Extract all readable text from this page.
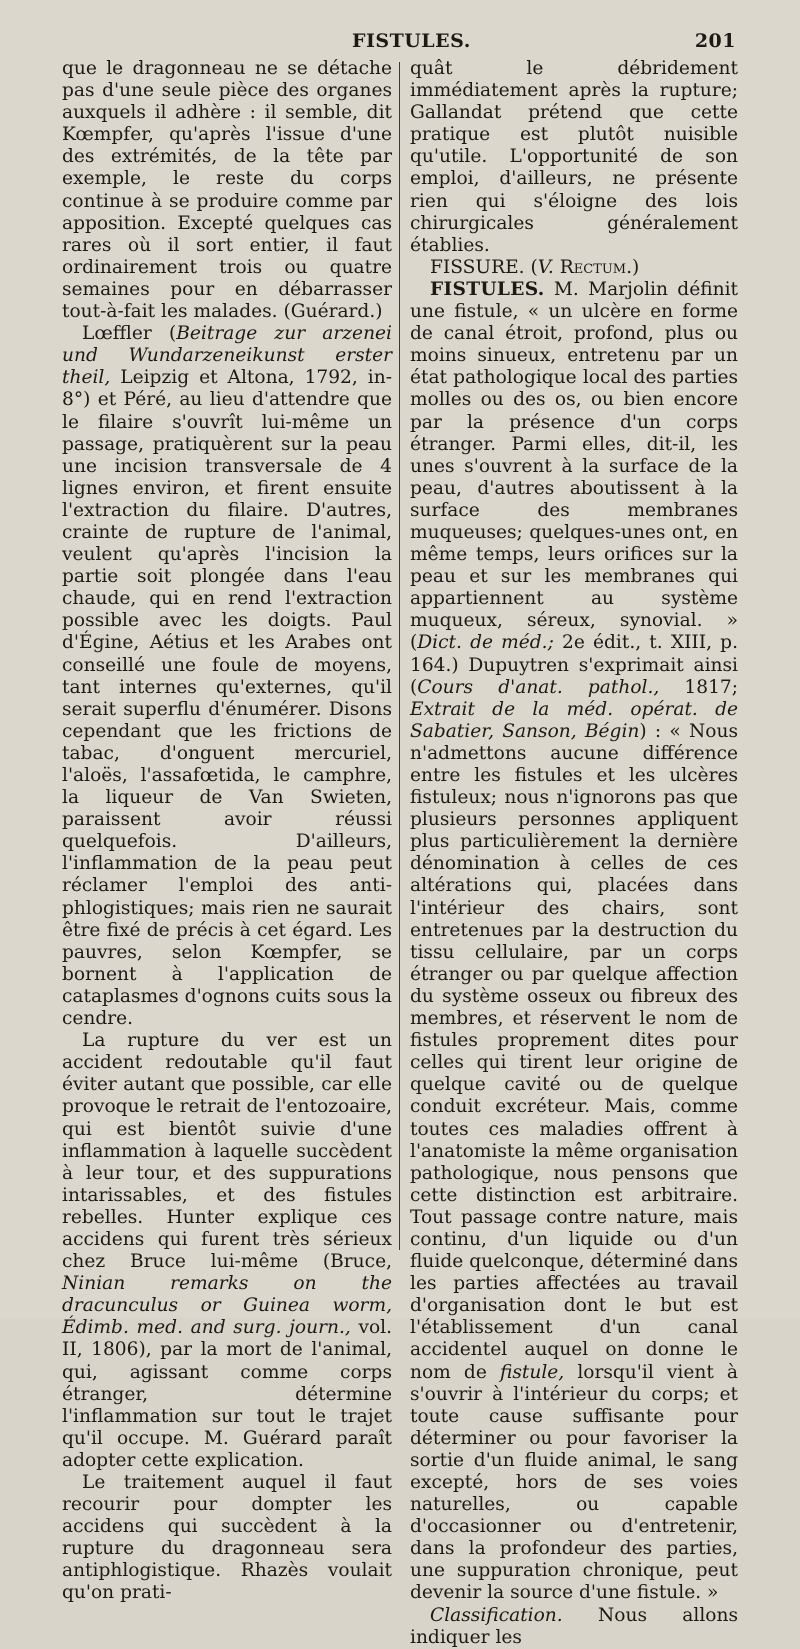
FISTULES.	201

que le dragonneau ne se détache pas d'une seule pièce des organes auxquels il adhère : il semble, dit Kœmpfer, qu'après l'issue d'une des extrémités, de la tête par exemple, le reste du corps continue à se produire comme par apposition. Excepté quelques cas rares où il sort entier, il faut ordinairement trois ou quatre semaines pour en débarrasser tout-à-fait les malades. (Guérard.)

Lœffler (Beitrage zur arzenei und Wundarzeneikunst erster theil, Leipzig et Altona, 1792, in-8°) et Péré, au lieu d'attendre que le filaire s'ouvrît lui-même un passage, pratiquèrent sur la peau une incision transversale de 4 lignes environ, et firent ensuite l'extraction du filaire. D'autres, crainte de rupture de l'animal, veulent qu'après l'incision la partie soit plongée dans l'eau chaude, qui en rend l'extraction possible avec les doigts. Paul d'Égine, Aétius et les Arabes ont conseillé une foule de moyens, tant internes qu'externes, qu'il serait superflu d'énumérer. Disons cependant que les frictions de tabac, d'onguent mercuriel, l'aloës, l'assafœtida, le camphre, la liqueur de Van Swieten, paraissent avoir réussi quelquefois. D'ailleurs, l'inflammation de la peau peut réclamer l'emploi des anti-phlogistiques; mais rien ne saurait être fixé de précis à cet égard. Les pauvres, selon Kœmpfer, se bornent à l'application de cataplasmes d'ognons cuits sous la cendre.

La rupture du ver est un accident redoutable qu'il faut éviter autant que possible, car elle provoque le retrait de l'entozoaire, qui est bientôt suivie d'une inflammation à laquelle succèdent à leur tour, et des suppurations intarissables, et des fistules rebelles. Hunter explique ces accidens qui furent très sérieux chez Bruce lui-même (Bruce, Ninian remarks on the dracunculus or Guinea worm, Édimb. med. and surg. journ., vol. II, 1806), par la mort de l'animal, qui, agissant comme corps étranger, détermine l'inflammation sur tout le trajet qu'il occupe. M. Guérard paraît adopter cette explication.

Le traitement auquel il faut recourir pour dompter les accidens qui succèdent à la rupture du dragonneau sera antiphlogistique. Rhazès voulait qu'on prati-

quât le débridement immédiatement après la rupture; Gallandat prétend que cette pratique est plutôt nuisible qu'utile. L'opportunité de son emploi, d'ailleurs, ne présente rien qui s'éloigne des lois chirurgicales généralement établies.

FISSURE. (V. Rectum.)

FISTULES. M. Marjolin définit une fistule, « un ulcère en forme de canal étroit, profond, plus ou moins sinueux, entretenu par un état pathologique local des parties molles ou des os, ou bien encore par la présence d'un corps étranger. Parmi elles, dit-il, les unes s'ouvrent à la surface de la peau, d'autres aboutissent à la surface des membranes muqueuses; quelques-unes ont, en même temps, leurs orifices sur la peau et sur les membranes qui appartiennent au système muqueux, séreux, synovial. » (Dict. de méd.; 2e édit., t. XIII, p. 164.) Dupuytren s'exprimait ainsi (Cours d'anat. pathol., 1817; Extrait de la méd. opérat. de Sabatier, Sanson, Bégin) : « Nous n'admettons aucune différence entre les fistules et les ulcères fistuleux; nous n'ignorons pas que plusieurs personnes appliquent plus particulièrement la dernière dénomination à celles de ces altérations qui, placées dans l'intérieur des chairs, sont entretenues par la destruction du tissu cellulaire, par un corps étranger ou par quelque affection du système osseux ou fibreux des membres, et réservent le nom de fistules proprement dites pour celles qui tirent leur origine de quelque cavité ou de quelque conduit excréteur. Mais, comme toutes ces maladies offrent à l'anatomiste la même organisation pathologique, nous pensons que cette distinction est arbitraire. Tout passage contre nature, mais continu, d'un liquide ou d'un fluide quelconque, déterminé dans les parties affectées au travail d'organisation dont le but est l'établissement d'un canal accidentel auquel on donne le nom de fistule, lorsqu'il vient à s'ouvrir à l'intérieur du corps; et toute cause suffisante pour déterminer ou pour favoriser la sortie d'un fluide animal, le sang excepté, hors de ses voies naturelles, ou capable d'occasionner ou d'entretenir, dans la profondeur des parties, une suppuration chronique, peut devenir la source d'une fistule. »

Classification. Nous allons indiquer les
